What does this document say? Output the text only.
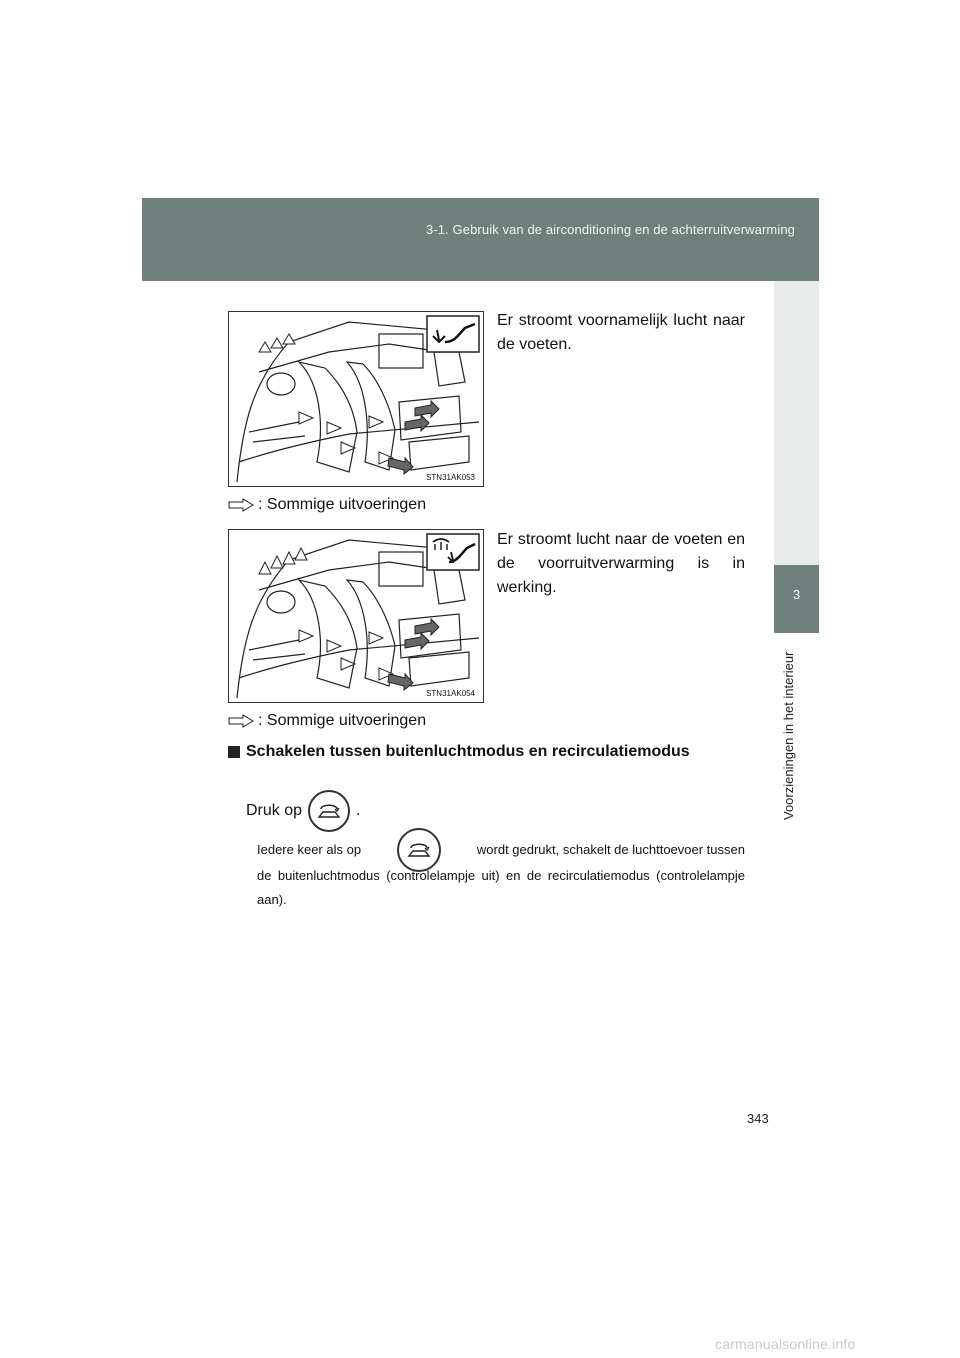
3-1. Gebruik van de airconditioning en de achterruitverwarming
3
Voorzieningen in het interieur
STN31AK053
Er stroomt voornamelijk lucht naar de voeten.
: Sommige uitvoeringen
STN31AK054
Er stroomt lucht naar de voeten en de voorruitverwarming is in werking.
: Sommige uitvoeringen
Schakelen tussen buitenluchtmodus en recirculatiemodus
Druk op	.
Iedere keer als op	wordt gedrukt, schakelt de luchttoevoer tussen
de buitenluchtmodus (controlelampje uit) en de recirculatiemodus (controlelampje aan).
343
carmanualsonline.info
